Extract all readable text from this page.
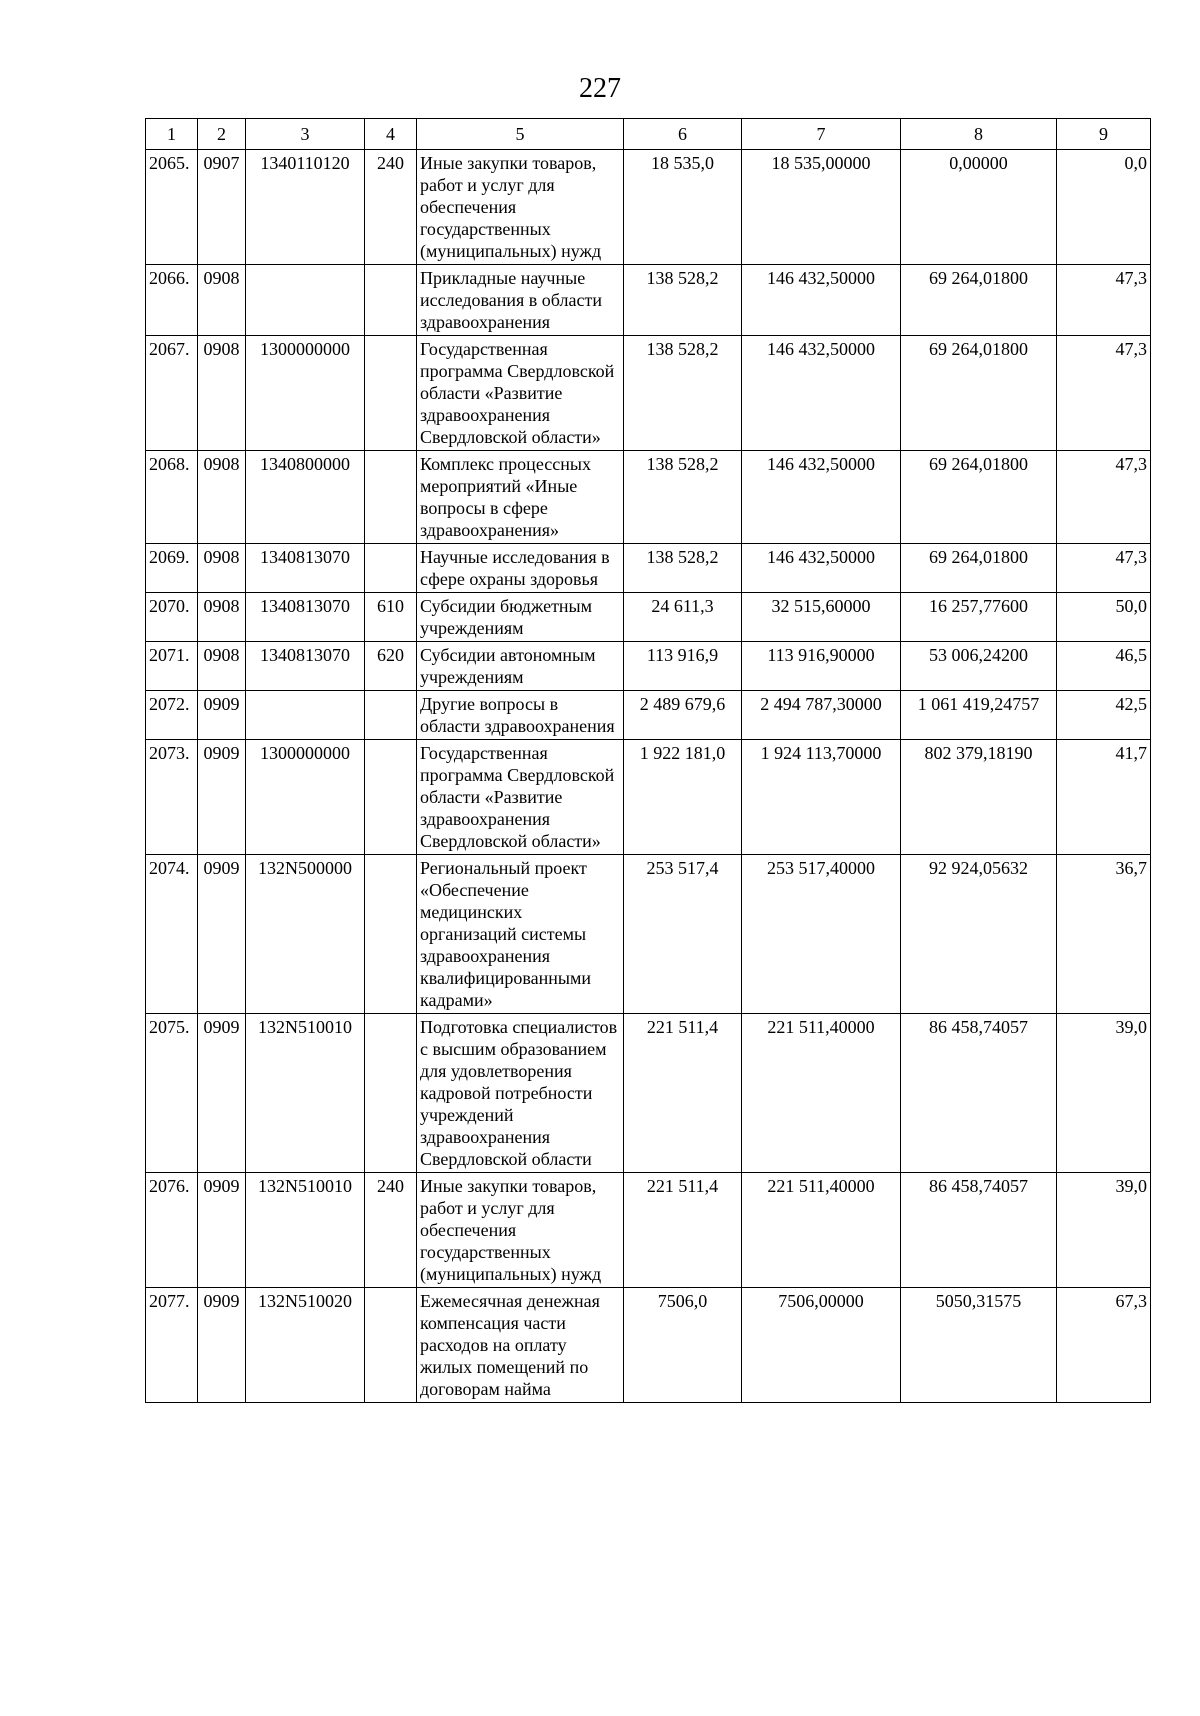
227
1	2	3	4	5	6	7	8	9
2065.	0907	1340110120	240	Иные закупки товаров, работ и услуг для обеспечения государственных (муниципальных) нужд	18 535,0	18 535,00000	0,00000	0,0
2066.	0908			Прикладные научные исследования в области здравоохранения	138 528,2	146 432,50000	69 264,01800	47,3
2067.	0908	1300000000		Государственная программа Свердловской области «Развитие здравоохранения Свердловской области»	138 528,2	146 432,50000	69 264,01800	47,3
2068.	0908	1340800000		Комплекс процессных мероприятий «Иные вопросы в сфере здравоохранения»	138 528,2	146 432,50000	69 264,01800	47,3
2069.	0908	1340813070		Научные исследования в сфере охраны здоровья	138 528,2	146 432,50000	69 264,01800	47,3
2070.	0908	1340813070	610	Субсидии бюджетным учреждениям	24 611,3	32 515,60000	16 257,77600	50,0
2071.	0908	1340813070	620	Субсидии автономным учреждениям	113 916,9	113 916,90000	53 006,24200	46,5
2072.	0909			Другие вопросы в области здравоохранения	2 489 679,6	2 494 787,30000	1 061 419,24757	42,5
2073.	0909	1300000000		Государственная программа Свердловской области «Развитие здравоохранения Свердловской области»	1 922 181,0	1 924 113,70000	802 379,18190	41,7
2074.	0909	132N500000		Региональный проект «Обеспечение медицинских организаций системы здравоохранения квалифицированными кадрами»	253 517,4	253 517,40000	92 924,05632	36,7
2075.	0909	132N510010		Подготовка специалистов с высшим образованием для удовлетворения кадровой потребности учреждений здравоохранения Свердловской области	221 511,4	221 511,40000	86 458,74057	39,0
2076.	0909	132N510010	240	Иные закупки товаров, работ и услуг для обеспечения государственных (муниципальных) нужд	221 511,4	221 511,40000	86 458,74057	39,0
2077.	0909	132N510020		Ежемесячная денежная компенсация части расходов на оплату жилых помещений по договорам найма	7506,0	7506,00000	5050,31575	67,3
